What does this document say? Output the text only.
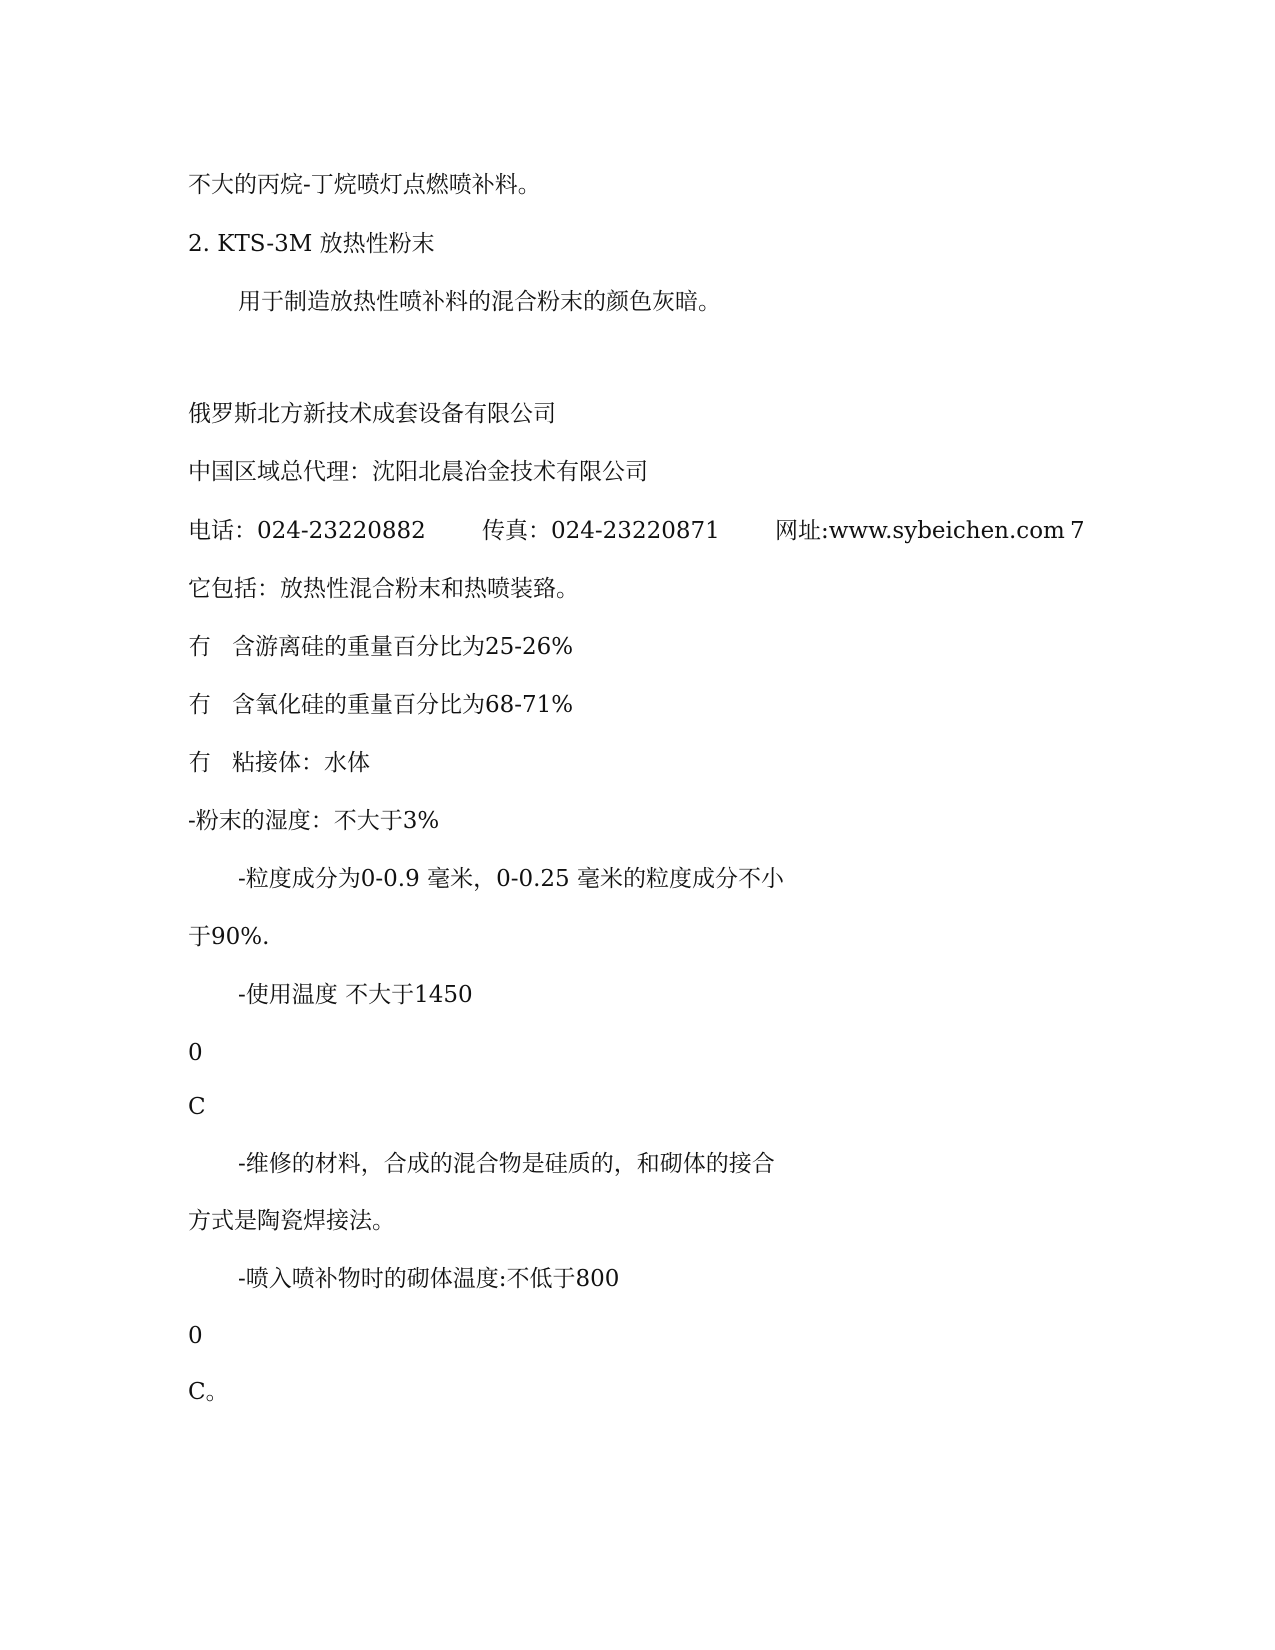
不大的丙烷-丁烷喷灯点燃喷补料。
2. KTS-3M 放热性粉末
用于制造放热性喷补料的混合粉末的颜色灰暗。
俄罗斯北方新技术成套设备有限公司
中国区域总代理：沈阳北晨冶金技术有限公司
电话：024-23220882 传真：024-23220871 网址:www.sybeichen.com 7
它包括：放热性混合粉末和热喷装臵。
冇 含游离硅的重量百分比为25-26%
冇 含氧化硅的重量百分比为68-71%
冇 粘接体：水体
-粉末的湿度：不大于3%
-粒度成分为0-0.9 毫米，0-0.25 毫米的粒度成分不小
于90%.
-使用温度 不大于1450
0
C
-维修的材料，合成的混合物是硅质的，和砌体的接合
方式是陶瓷焊接法。
-喷入喷补物时的砌体温度:不低于800
0
C。
